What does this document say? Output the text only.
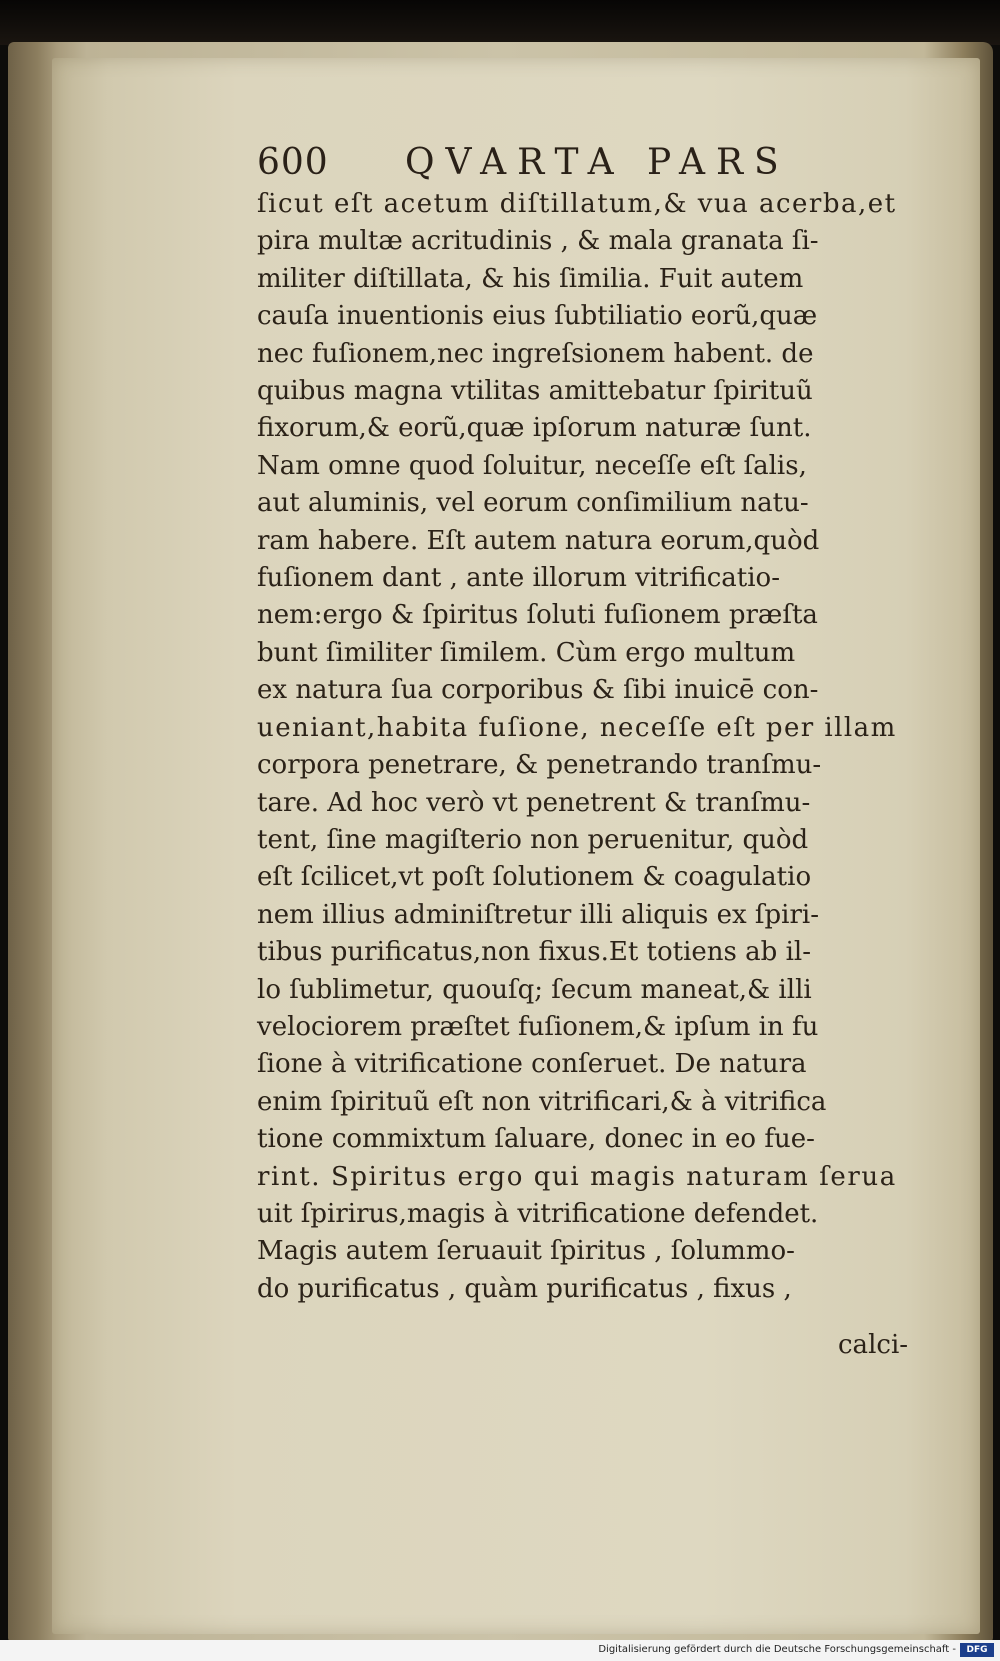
600 QVARTA PARS
ſicut eſt acetum diſtillatum,& vua acerba,et
pira multæ acritudinis , & mala granata ſi-
militer diſtillata, & his ſimilia. Fuit autem
cauſa inuentionis eius ſubtiliatio eorũ,quæ
nec fuſionem,nec ingreſsionem habent. de
quibus magna vtilitas amittebatur ſpirituũ
fixorum,& eorũ,quæ ipſorum naturæ ſunt.
Nam omne quod ſoluitur, neceſſe eſt ſalis,
aut aluminis, vel eorum conſimilium natu-
ram habere. Eſt autem natura eorum,quòd
fuſionem dant , ante illorum vitrificatio-
nem:ergo & ſpiritus ſoluti fuſionem præſta
bunt ſimiliter ſimilem. Cùm ergo multum
ex natura ſua corporibus & ſibi inuicē con-
ueniant,habita fuſione, neceſſe eſt per illam
corpora penetrare, & penetrando tranſmu-
tare. Ad hoc verò vt penetrent & tranſmu-
tent, ſine magiſterio non peruenitur, quòd
eſt ſcilicet,vt poſt ſolutionem & coagulatio
nem illius adminiſtretur illi aliquis ex ſpiri-
tibus purificatus,non fixus.Et totiens ab il-
lo ſublimetur, quouſq; ſecum maneat,& illi
velociorem præſtet fuſionem,& ipſum in fu
ſione à vitrificatione conſeruet. De natura
enim ſpirituũ eſt non vitrificari,& à vitrifica
tione commixtum ſaluare, donec in eo fue-
rint. Spiritus ergo qui magis naturam ſerua
uit ſpirirus,magis à vitrificatione defendet.
Magis autem ſeruauit ſpiritus , ſolummo-
do purificatus , quàm purificatus , fixus ,
calci-
Digitalisierung gefördert durch die Deutsche Forschungsgemeinschaft -	DFG
